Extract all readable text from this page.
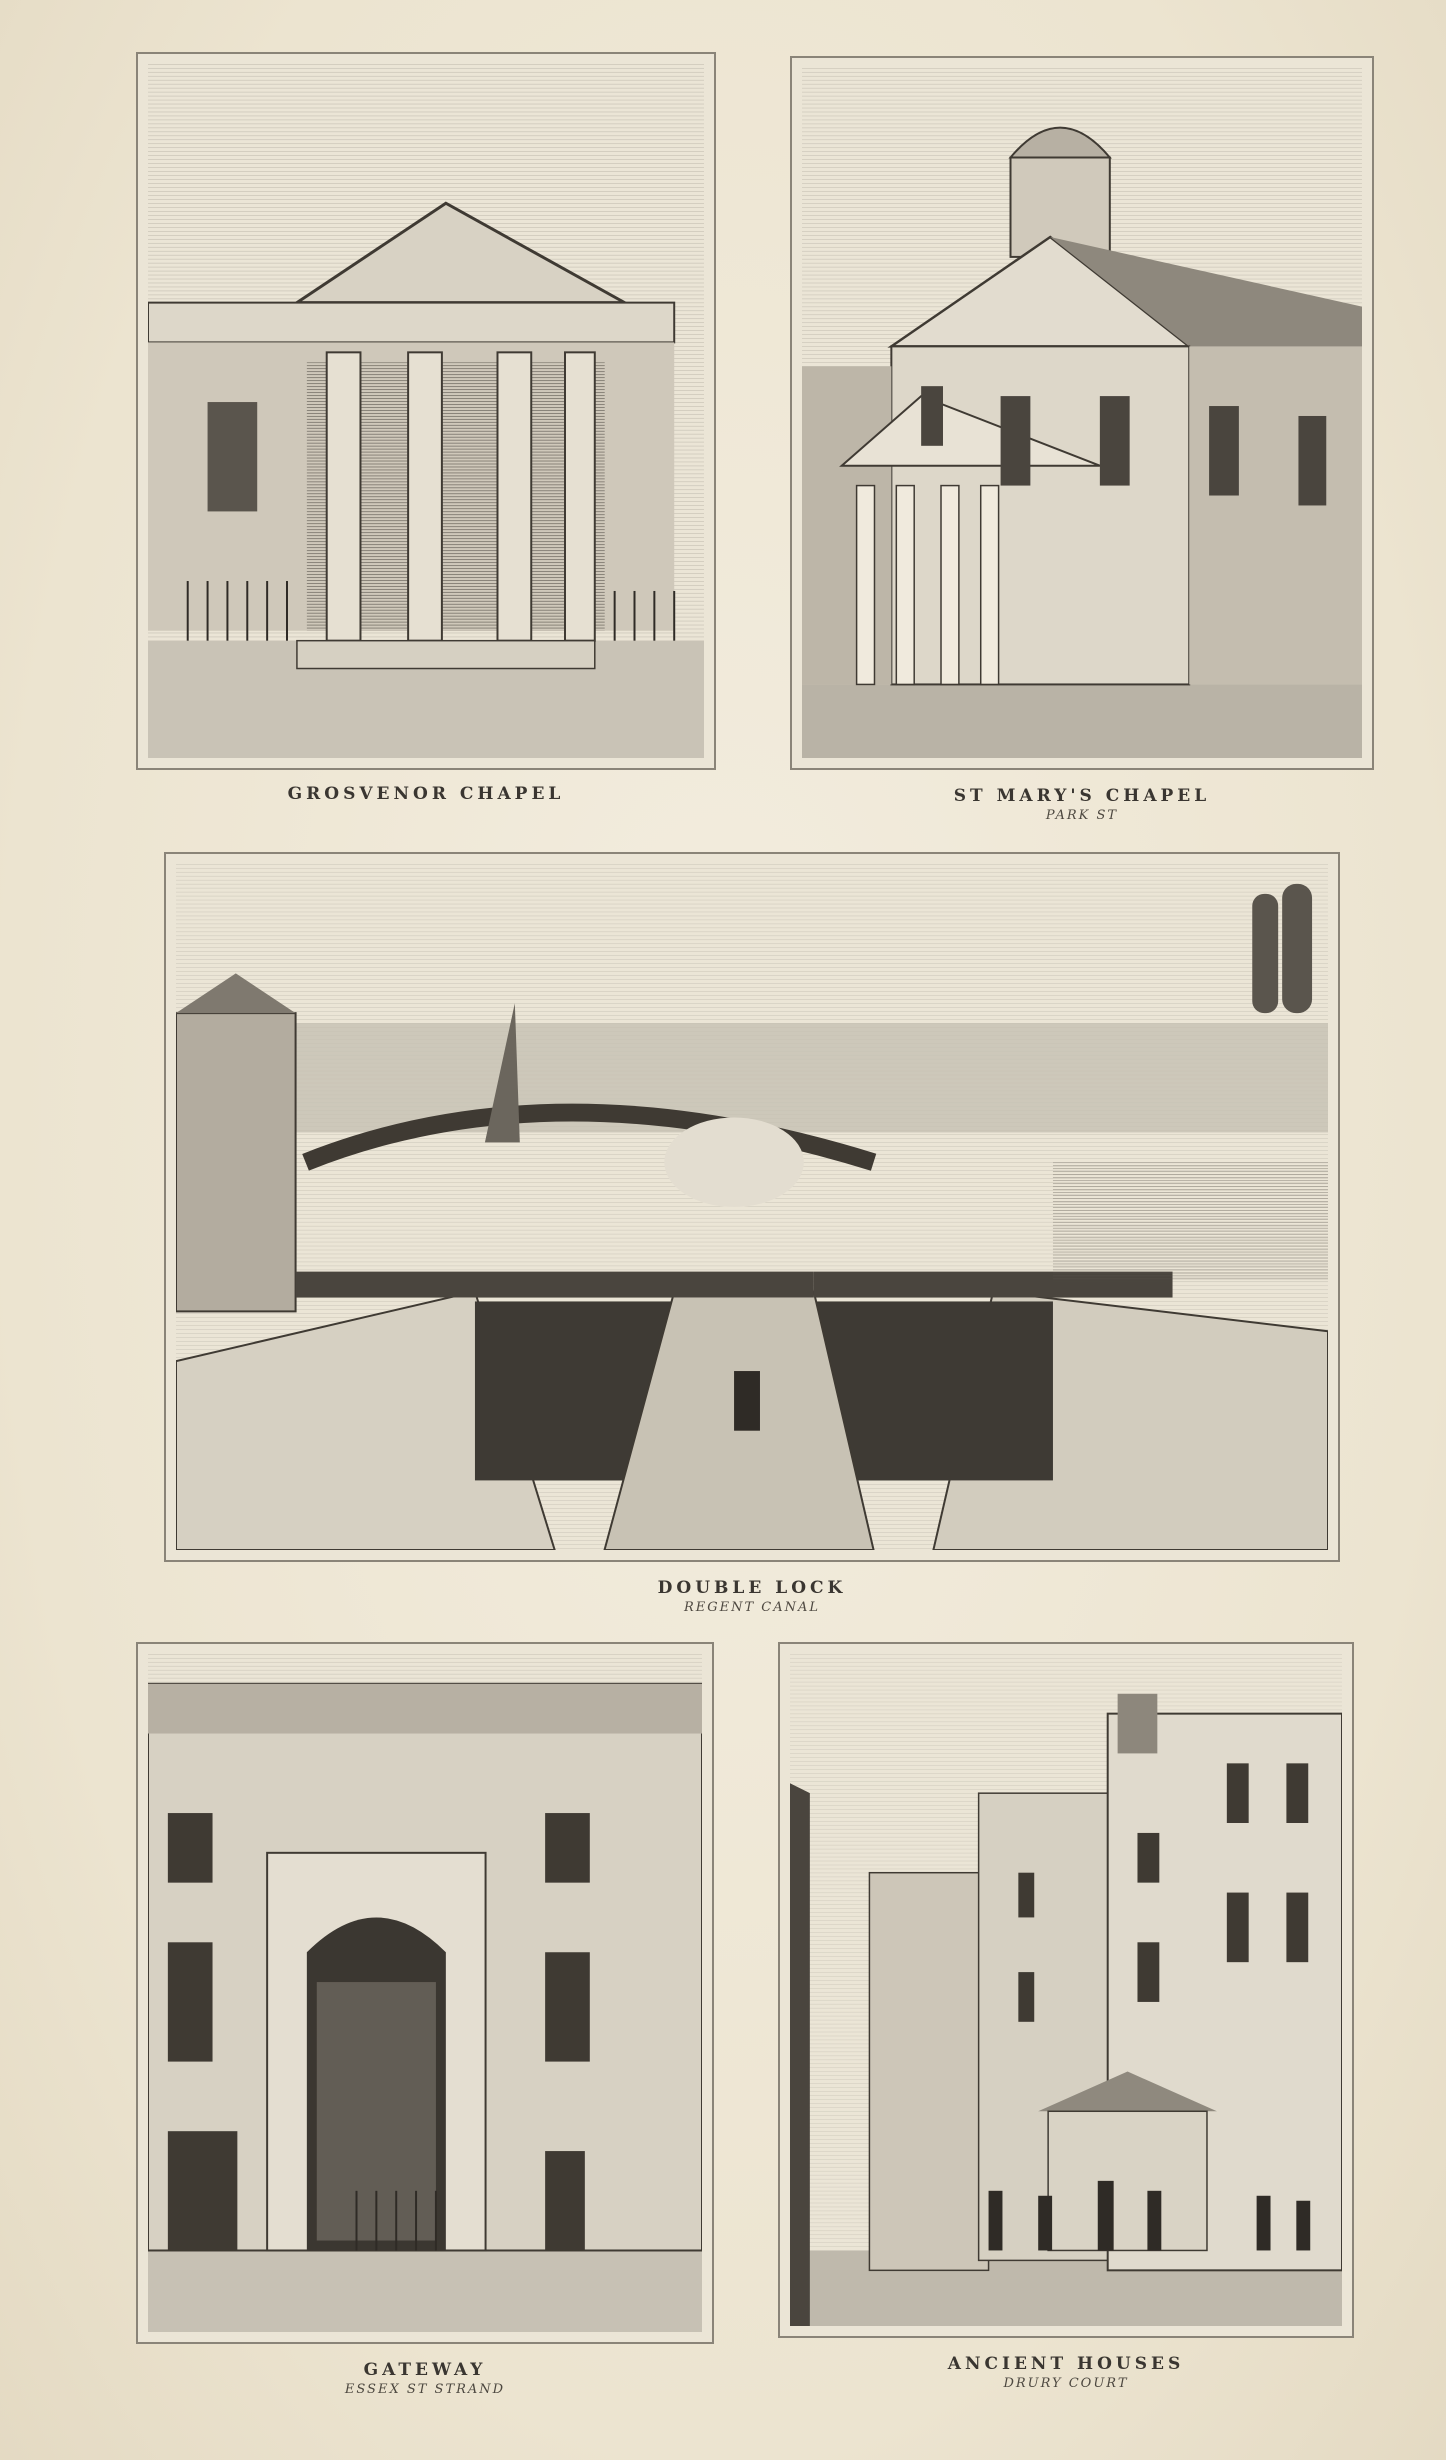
GROSVENOR CHAPEL	ST MARY'S CHAPEL
PARK ST
DOUBLE LOCK
REGENT CANAL
GATEWAY
ESSEX ST STRAND
ANCIENT HOUSES
DRURY COURT
